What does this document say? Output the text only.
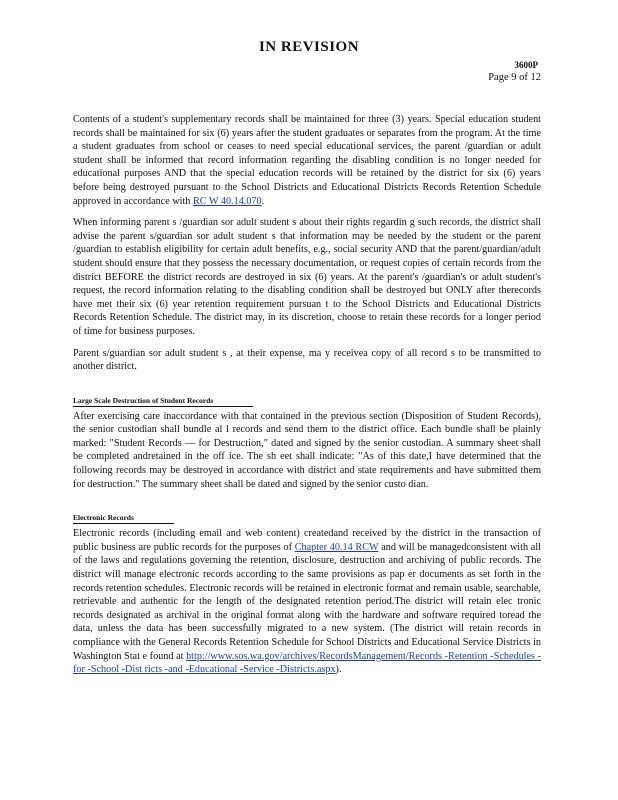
IN REVISION
3600P
Page 9 of 12

Contents of a student's supplementary records shall be maintained for three (3) years. Special education student records shall be maintained for six (6) years after the student graduates or separates from the program. At the time a student graduates from school or ceases to need special educational services, the parent /guardian or adult student shall be informed that record information regarding the disabling condition is no longer needed for educational purposes AND that the special education records will be retained by the district for six (6) years before being destroyed pursuant to the School Districts and Educational Districts Records Retention Schedule approved in accordance with RC W 40.14.070.

When informing parent s /guardian sor adult student s about their rights regardin g such records, the district shall advise the parent s/guardian sor adult student s that information may be needed by the student or the parent /guardian to establish eligibility for certain adult benefits, e.g., social security AND that the parent/guardian/adult student should ensure that they possess the necessary documentation, or request copies of certain records from the district BEFORE the district records are destroyed in six (6) years. At the parent's /guardian's or adult student's request, the record information relating to the disabling condition shall be destroyed but ONLY after therecords have met their six (6) year retention requirement pursuan t to the School Districts and Educational Districts Records Retention Schedule. The district may, in its discretion, choose to retain these records for a longer period of time for business purposes.

Parent s/guardian sor adult student s , at their expense, ma y receivea copy of all record s to be transmitted to another district.

Large Scale Destruction of Student Records

After exercising care inaccordance with that contained in the previous section (Disposition of Student Records), the senior custodian shall bundle al l records and send them to the district office. Each bundle shall be plainly marked: "Student Records — for Destruction," dated and signed by the senior custodian. A summary sheet shall be completed andretained in the off ice. The sh eet shall indicate: "As of this date,I have determined that the following records may be destroyed in accordance with district and state requirements and have submitted them for destruction." The summary sheet shall be dated and signed by the senior custo dian.

Electronic Records

Electronic records (including email and web content) createdand received by the district in the transaction of public business are public records for the purposes of Chapter 40.14 RCW and will be managedconsistent with all of the laws and regulations governing the retention, disclosure, destruction and archiving of public records. The district will manage electronic records according to the same provisions as pap er documents as set forth in the records retention schedules. Electronic records will be retained in electronic format and remain usable, searchable, retrievable and authentic for the length of the designated retention period.The district will retain elec tronic records designated as archival in the original format along with the hardware and software required toread the data, unless the data has been successfully migrated to a new system. (The district will retain records in compliance with the General Records Retention Schedule for School Districts and Educational Service Districts in Washington Stat e found at http://www.sos.wa.gov/archives/RecordsManagement/Records -Retention -Schedules -for -School -Dist ricts -and -Educational -Service -Districts.aspx).
